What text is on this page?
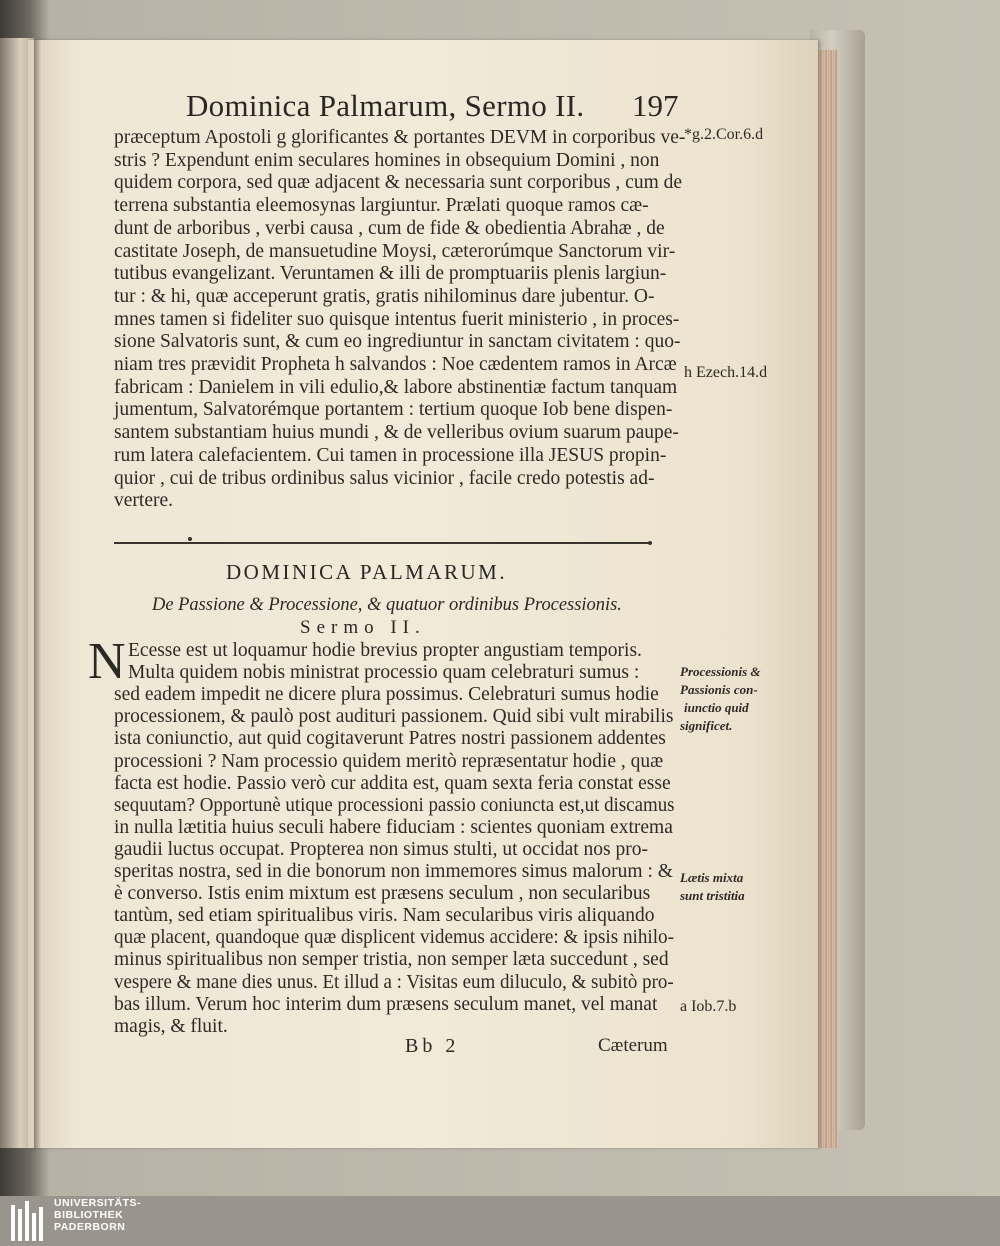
Dominica Palmarum, Sermo II. 197
præceptum Apostoli g glorificantes & portantes DEVM in corporibus ve-
stris ? Expendunt enim seculares homines in obsequium Domini , non
quidem corpora, sed quæ adjacent & necessaria sunt corporibus , cum de
terrena substantia eleemosynas largiuntur. Prælati quoque ramos cæ-
dunt de arboribus , verbi causa , cum de fide & obedientia Abrahæ , de
castitate Joseph, de mansuetudine Moysi, cæterorúmque Sanctorum vir-
tutibus evangelizant. Veruntamen & illi de promptuariis plenis largiun-
tur : & hi, quæ acceperunt gratis, gratis nihilominus dare jubentur. O-
mnes tamen si fideliter suo quisque intentus fuerit ministerio , in proces-
sione Salvatoris sunt, & cum eo ingrediuntur in sanctam civitatem : quo-
niam tres prævidit Propheta h salvandos : Noe cædentem ramos in Arcæ
fabricam : Danielem in vili edulio,& labore abstinentiæ factum tanquam
jumentum, Salvatorémque portantem : tertium quoque Iob bene dispen-
santem substantiam huius mundi , & de velleribus ovium suarum paupe-
rum latera calefacientem. Cui tamen in processione illa JESUS propin-
quior , cui de tribus ordinibus salus vicinior , facile credo potestis ad-
vertere.
*g.2.Cor.6.d
h Ezech.14.d
DOMINICA PALMARUM.
De Passione & Processione, & quatuor ordinibus Processionis.
Sermo II.
N Ecesse est ut loquamur hodie brevius propter angustiam temporis.
Multa quidem nobis ministrat processio quam celebraturi sumus :
sed eadem impedit ne dicere plura possimus. Celebraturi sumus hodie
processionem, & paulò post audituri passionem. Quid sibi vult mirabilis
ista coniunctio, aut quid cogitaverunt Patres nostri passionem addentes
processioni ? Nam processio quidem meritò repræsentatur hodie , quæ
facta est hodie. Passio verò cur addita est, quam sexta feria constat esse
sequutam? Opportunè utique processioni passio coniuncta est,ut discamus
in nulla lætitia huius seculi habere fiduciam : scientes quoniam extrema
gaudii luctus occupat. Propterea non simus stulti, ut occidat nos pro-
speritas nostra, sed in die bonorum non immemores simus malorum : &
è converso. Istis enim mixtum est præsens seculum , non secularibus
tantùm, sed etiam spiritualibus viris. Nam secularibus viris aliquando
quæ placent, quandoque quæ displicent videmus accidere: & ipsis nihilo-
minus spiritualibus non semper tristia, non semper læta succedunt , sed
vespere & mane dies unus. Et illud a : Visitas eum diluculo, & subitò pro-
bas illum. Verum hoc interim dum præsens seculum manet, vel manat
magis, & fluit.
Processionis &
Passionis con-
iunctio quid
significet.
Lætis mixta
sunt tristitia
a Iob.7.b
Bb 2	Cæterum
UNIVERSITÄTS-
BIBLIOTHEK
PADERBORN
